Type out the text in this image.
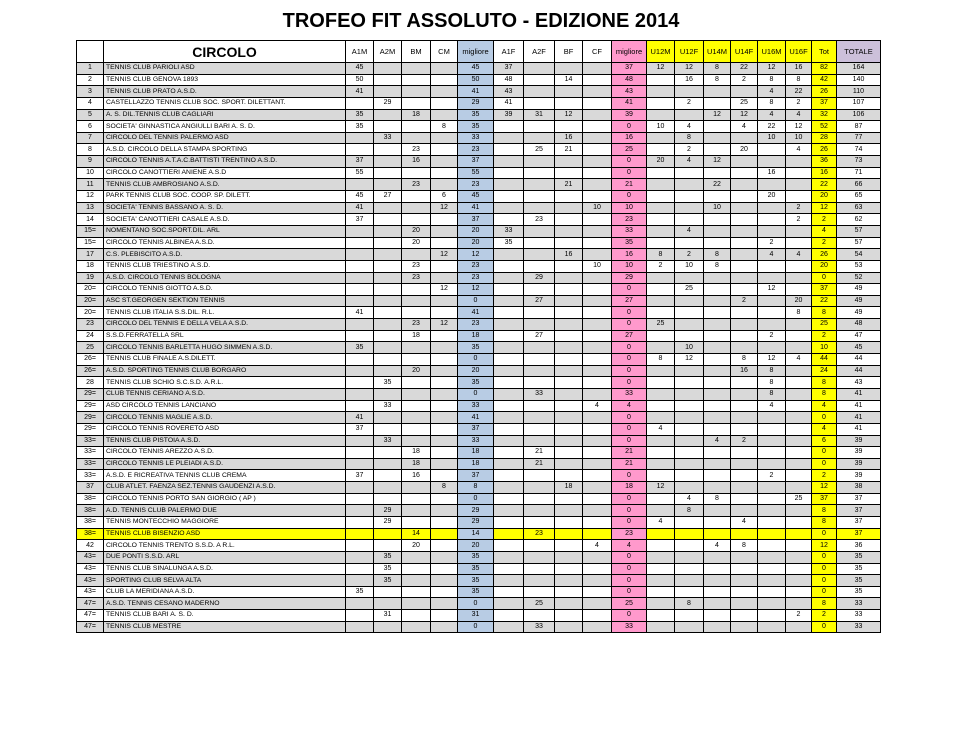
TROFEO FIT ASSOLUTO - EDIZIONE 2014
	CIRCOLO	A1M	A2M	BM	CM	migliore	A1F	A2F	BF	CF	migliore	U12M	U12F	U14M	U14F	U16M	U16F	Tot	TOTALE
1	TENNIS CLUB PARIOLI ASD	45				45	37				37	12	12	8	22	12	16	82	164
2	TENNIS CLUB GENOVA 1893	50				50	48		14		48		16	8	2	8	8	42	140
3	TENNIS CLUB PRATO A.S.D.	41				41	43				43					4	22	26	110
4	CASTELLAZZO TENNIS CLUB SOC. SPORT. DILETTANT.		29			29	41				41		2		25	8	2	37	107
5	A. S. DIL.TENNIS CLUB CAGLIARI	35		18		35	39	31	12		39			12	12	4	4	32	106
6	SOCIETA' GINNASTICA ANGIULLI BARI A. S. D.	35			8	35					0	10	4		4	22	12	52	87
7	CIRCOLO DEL TENNIS PALERMO ASD		33			33			16		16		8			10	10	28	77
8	A.S.D. CIRCOLO DELLA STAMPA SPORTING			23		23		25	21		25		2		20		4	26	74
9	CIRCOLO TENNIS A.T.A.C.BATTISTI TRENTINO A.S.D.	37		16		37					0	20	4	12				36	73
10	CIRCOLO CANOTTIERI ANIENE A.S.D	55				55					0					16		16	71
11	TENNIS CLUB AMBROSIANO A.S.D.			23		23			21		21			22				22	66
12	PARK TENNIS CLUB SOC. COOP. SP. DILETT.	45	27		6	45					0					20		20	65
13	SOCIETA' TENNIS BASSANO A. S. D.	41			12	41				10	10			10			2	12	63
14	SOCIETA' CANOTTIERI CASALE A.S.D.	37				37		23			23						2	2	62
15=	NOMENTANO SOC.SPORT.DIL. ARL			20		20	33				33		4					4	57
15=	CIRCOLO TENNIS ALBINEA A.S.D.			20		20	35				35					2		2	57
17	C.S. PLEBISCITO A.S.D.				12	12			16		16	8	2	8		4	4	26	54
18	TENNIS CLUB TRIESTINO A.S.D.			23		23				10	10	2	10	8				20	53
19	A.S.D. CIRCOLO TENNIS BOLOGNA			23		23		29			29							0	52
20=	CIRCOLO TENNIS GIOTTO A.S.D.				12	12					0		25			12		37	49
20=	ASC ST.GEORGEN SEKTION TENNIS					0		27			27				2		20	22	49
20=	TENNIS CLUB ITALIA S.S.DIL. R.L.	41				41					0						8	8	49
23	CIRCOLO DEL TENNIS E DELLA VELA A.S.D.			23	12	23					0	25						25	48
24	S.S.D.FERRATELLA SRL			18		18		27			27					2		2	47
25	CIRCOLO TENNIS BARLETTA HUGO SIMMEN A.S.D.	35				35					0		10					10	45
26=	TENNIS CLUB FINALE A.S.DILETT.					0					0	8	12		8	12	4	44	44
26=	A.S.D. SPORTING TENNIS CLUB BORGARO			20		20					0				16	8		24	44
28	TENNIS CLUB SCHIO S.C.S.D. A.R.L.		35			35					0					8		8	43
29=	CLUB TENNIS CERIANO A.S.D.					0		33			33					8		8	41
29=	ASD CIRCOLO TENNIS LANCIANO		33			33				4	4					4		4	41
29=	CIRCOLO TENNIS MAGLIE A.S.D.	41				41					0							0	41
29=	CIRCOLO TENNIS ROVERETO ASD	37				37					0	4						4	41
33=	TENNIS CLUB PISTOIA A.S.D.		33			33					0			4	2			6	39
33=	CIRCOLO TENNIS AREZZO A.S.D.			18		18		21			21							0	39
33=	CIRCOLO TENNIS LE PLEIADI A.S.D.			18		18		21			21							0	39
33=	A.S.D. E RICREATIVA TENNIS CLUB CREMA	37		16		37					0					2		2	39
37	CLUB ATLET. FAENZA SEZ.TENNIS GAUDENZI A.S.D.				8	8			18		18	12						12	38
38=	CIRCOLO TENNIS PORTO SAN GIORGIO ( AP )					0					0		4	8			25	37	37
38=	A.D. TENNIS CLUB PALERMO DUE		29			29					0		8					8	37
38=	TENNIS MONTECCHIO MAGGIORE		29			29					0	4			4			8	37
38=	TENNIS CLUB BISENZIO ASD			14		14		23			23							0	37
42	CIRCOLO TENNIS TRENTO S.S.D. A R.L.			20		20				4	4			4	8			12	36
43=	DUE PONTI S.S.D. ARL		35			35					0							0	35
43=	TENNIS CLUB SINALUNGA A.S.D.		35			35					0							0	35
43=	SPORTING CLUB SELVA ALTA		35			35					0							0	35
43=	CLUB LA MERIDIANA A.S.D.	35				35					0							0	35
47=	A.S.D. TENNIS CESANO MADERNO					0		25			25		8					8	33
47=	TENNIS CLUB BARI A. S. D.		31			31					0						2	2	33
47=	TENNIS CLUB MESTRE					0		33			33							0	33
